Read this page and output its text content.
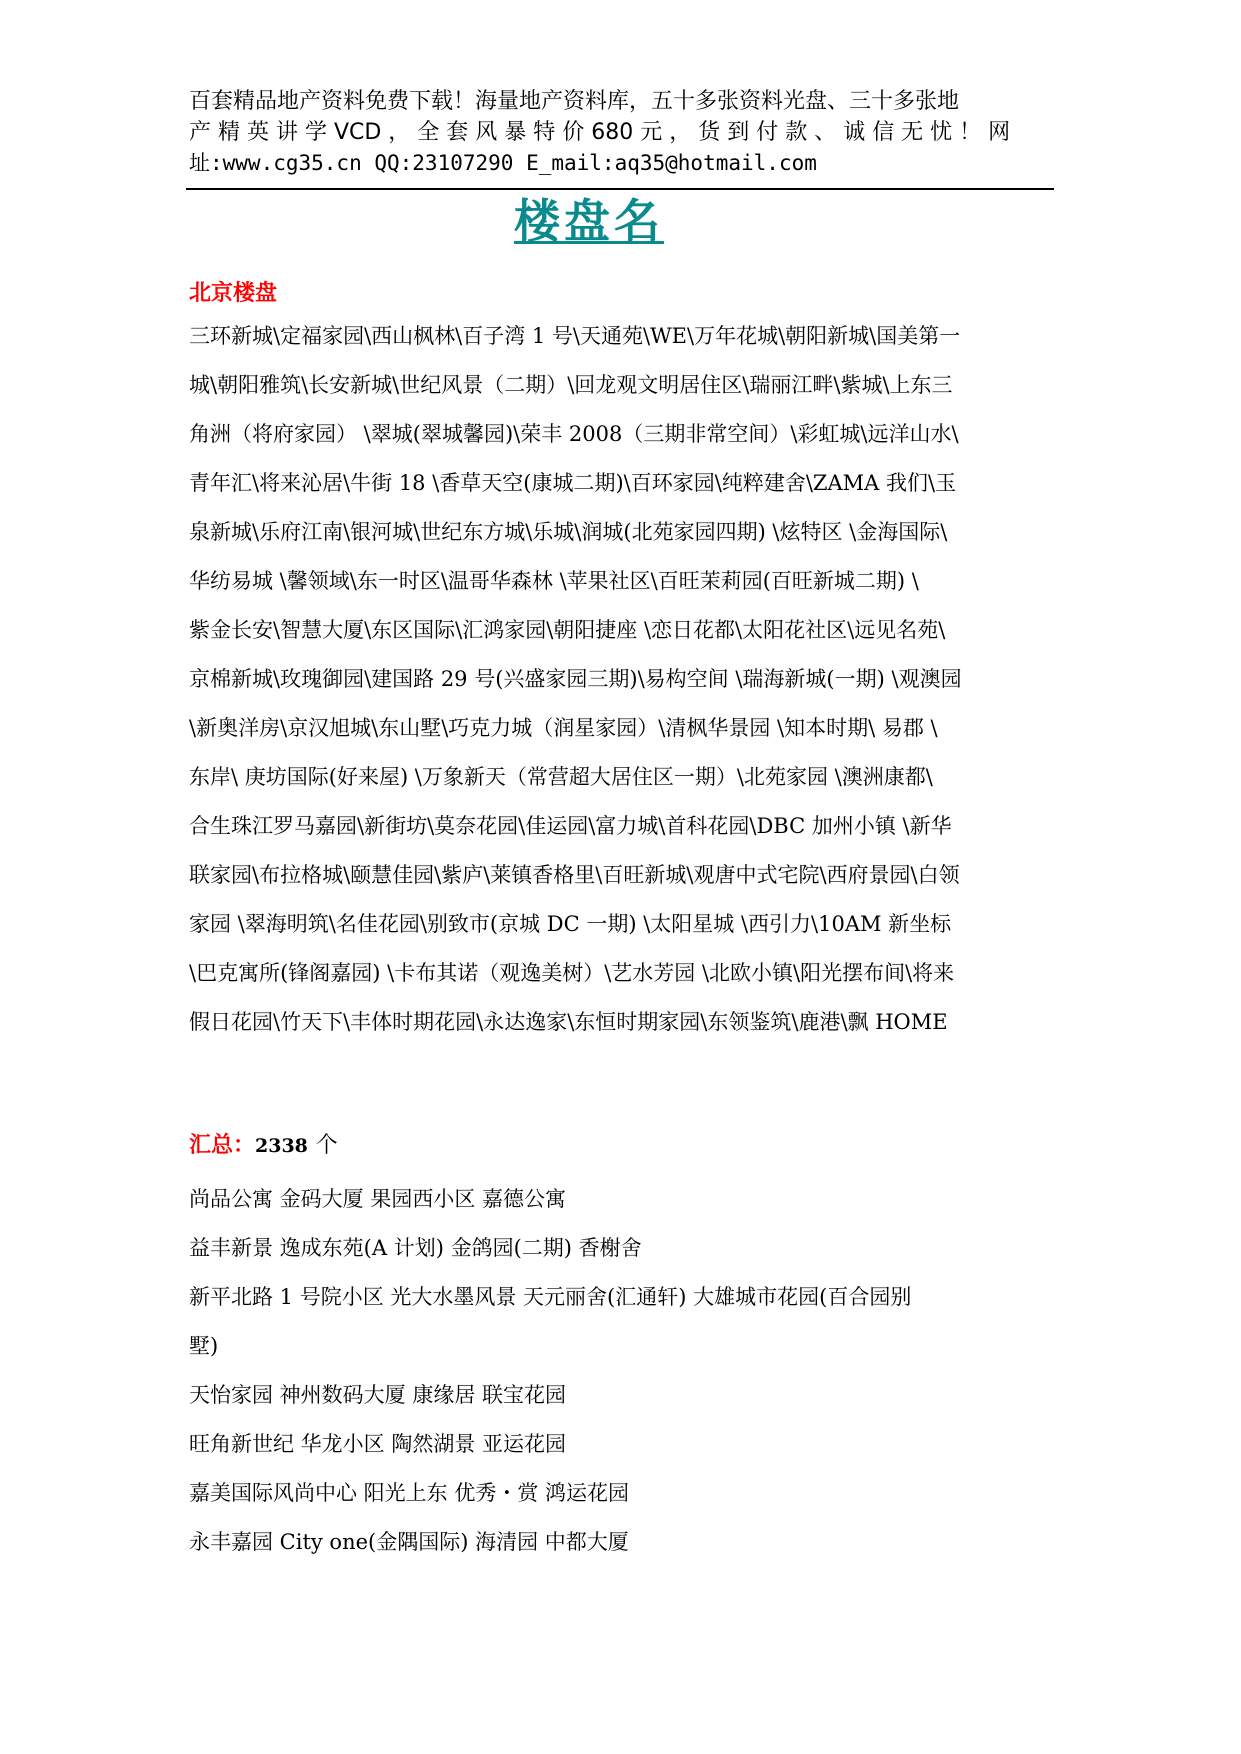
百套精品地产资料免费下载！海量地产资料库，五十多张资料光盘、三十多张地
产 精 英 讲 学 VCD ， 全 套 风 暴 特 价 680 元 ， 货 到 付 款 、 诚 信 无 忧 ！ 网
址:www.cg35.cn QQ:23107290 E_mail:aq35@hotmail.com
楼盘名
北京楼盘
三环新城\定福家园\西山枫林\百子湾 1 号\天通苑\WE\万年花城\朝阳新城\国美第一
城\朝阳雅筑\长安新城\世纪风景（二期）\回龙观文明居住区\瑞丽江畔\紫城\上东三
角洲（将府家园） \翠城(翠城馨园)\荣丰 2008（三期非常空间）\彩虹城\远洋山水\
青年汇\将来沁居\牛街 18 \香草天空(康城二期)\百环家园\纯粹建舍\ZAMA 我们\玉
泉新城\乐府江南\银河城\世纪东方城\乐城\润城(北苑家园四期) \炫特区 \金海国际\
华纺易城 \馨领域\东一时区\温哥华森林 \苹果社区\百旺茉莉园(百旺新城二期) \
紫金长安\智慧大厦\东区国际\汇鸿家园\朝阳捷座 \恋日花都\太阳花社区\远见名苑\
京棉新城\玫瑰御园\建国路 29 号(兴盛家园三期)\易构空间 \瑞海新城(一期) \观澳园
\新奥洋房\京汉旭城\东山墅\巧克力城（润星家园）\清枫华景园 \知本时期\ 易郡 \
东岸\ 庚坊国际(好来屋) \万象新天（常营超大居住区一期）\北苑家园 \澳洲康都\
合生珠江罗马嘉园\新街坊\莫奈花园\佳运园\富力城\首科花园\DBC 加州小镇 \新华
联家园\布拉格城\颐慧佳园\紫庐\莱镇香格里\百旺新城\观唐中式宅院\西府景园\白领
家园 \翠海明筑\名佳花园\别致市(京城 DC 一期) \太阳星城 \西引力\10AM 新坐标
\巴克寓所(锋阁嘉园) \卡布其诺（观逸美树）\艺水芳园 \北欧小镇\阳光摆布间\将来
假日花园\竹天下\丰体时期花园\永达逸家\东恒时期家园\东领鉴筑\鹿港\飘 HOME
汇总：2338 个
尚品公寓 金码大厦 果园西小区 嘉德公寓
益丰新景 逸成东苑(A 计划) 金鸽园(二期) 香榭舍
新平北路 1 号院小区 光大水墨风景 天元丽舍(汇通轩) 大雄城市花园(百合园别
墅)
天怡家园 神州数码大厦 康缘居 联宝花园
旺角新世纪 华龙小区 陶然湖景 亚运花园
嘉美国际风尚中心 阳光上东 优秀・赏 鸿运花园
永丰嘉园 City one(金隅国际) 海清园 中都大厦
